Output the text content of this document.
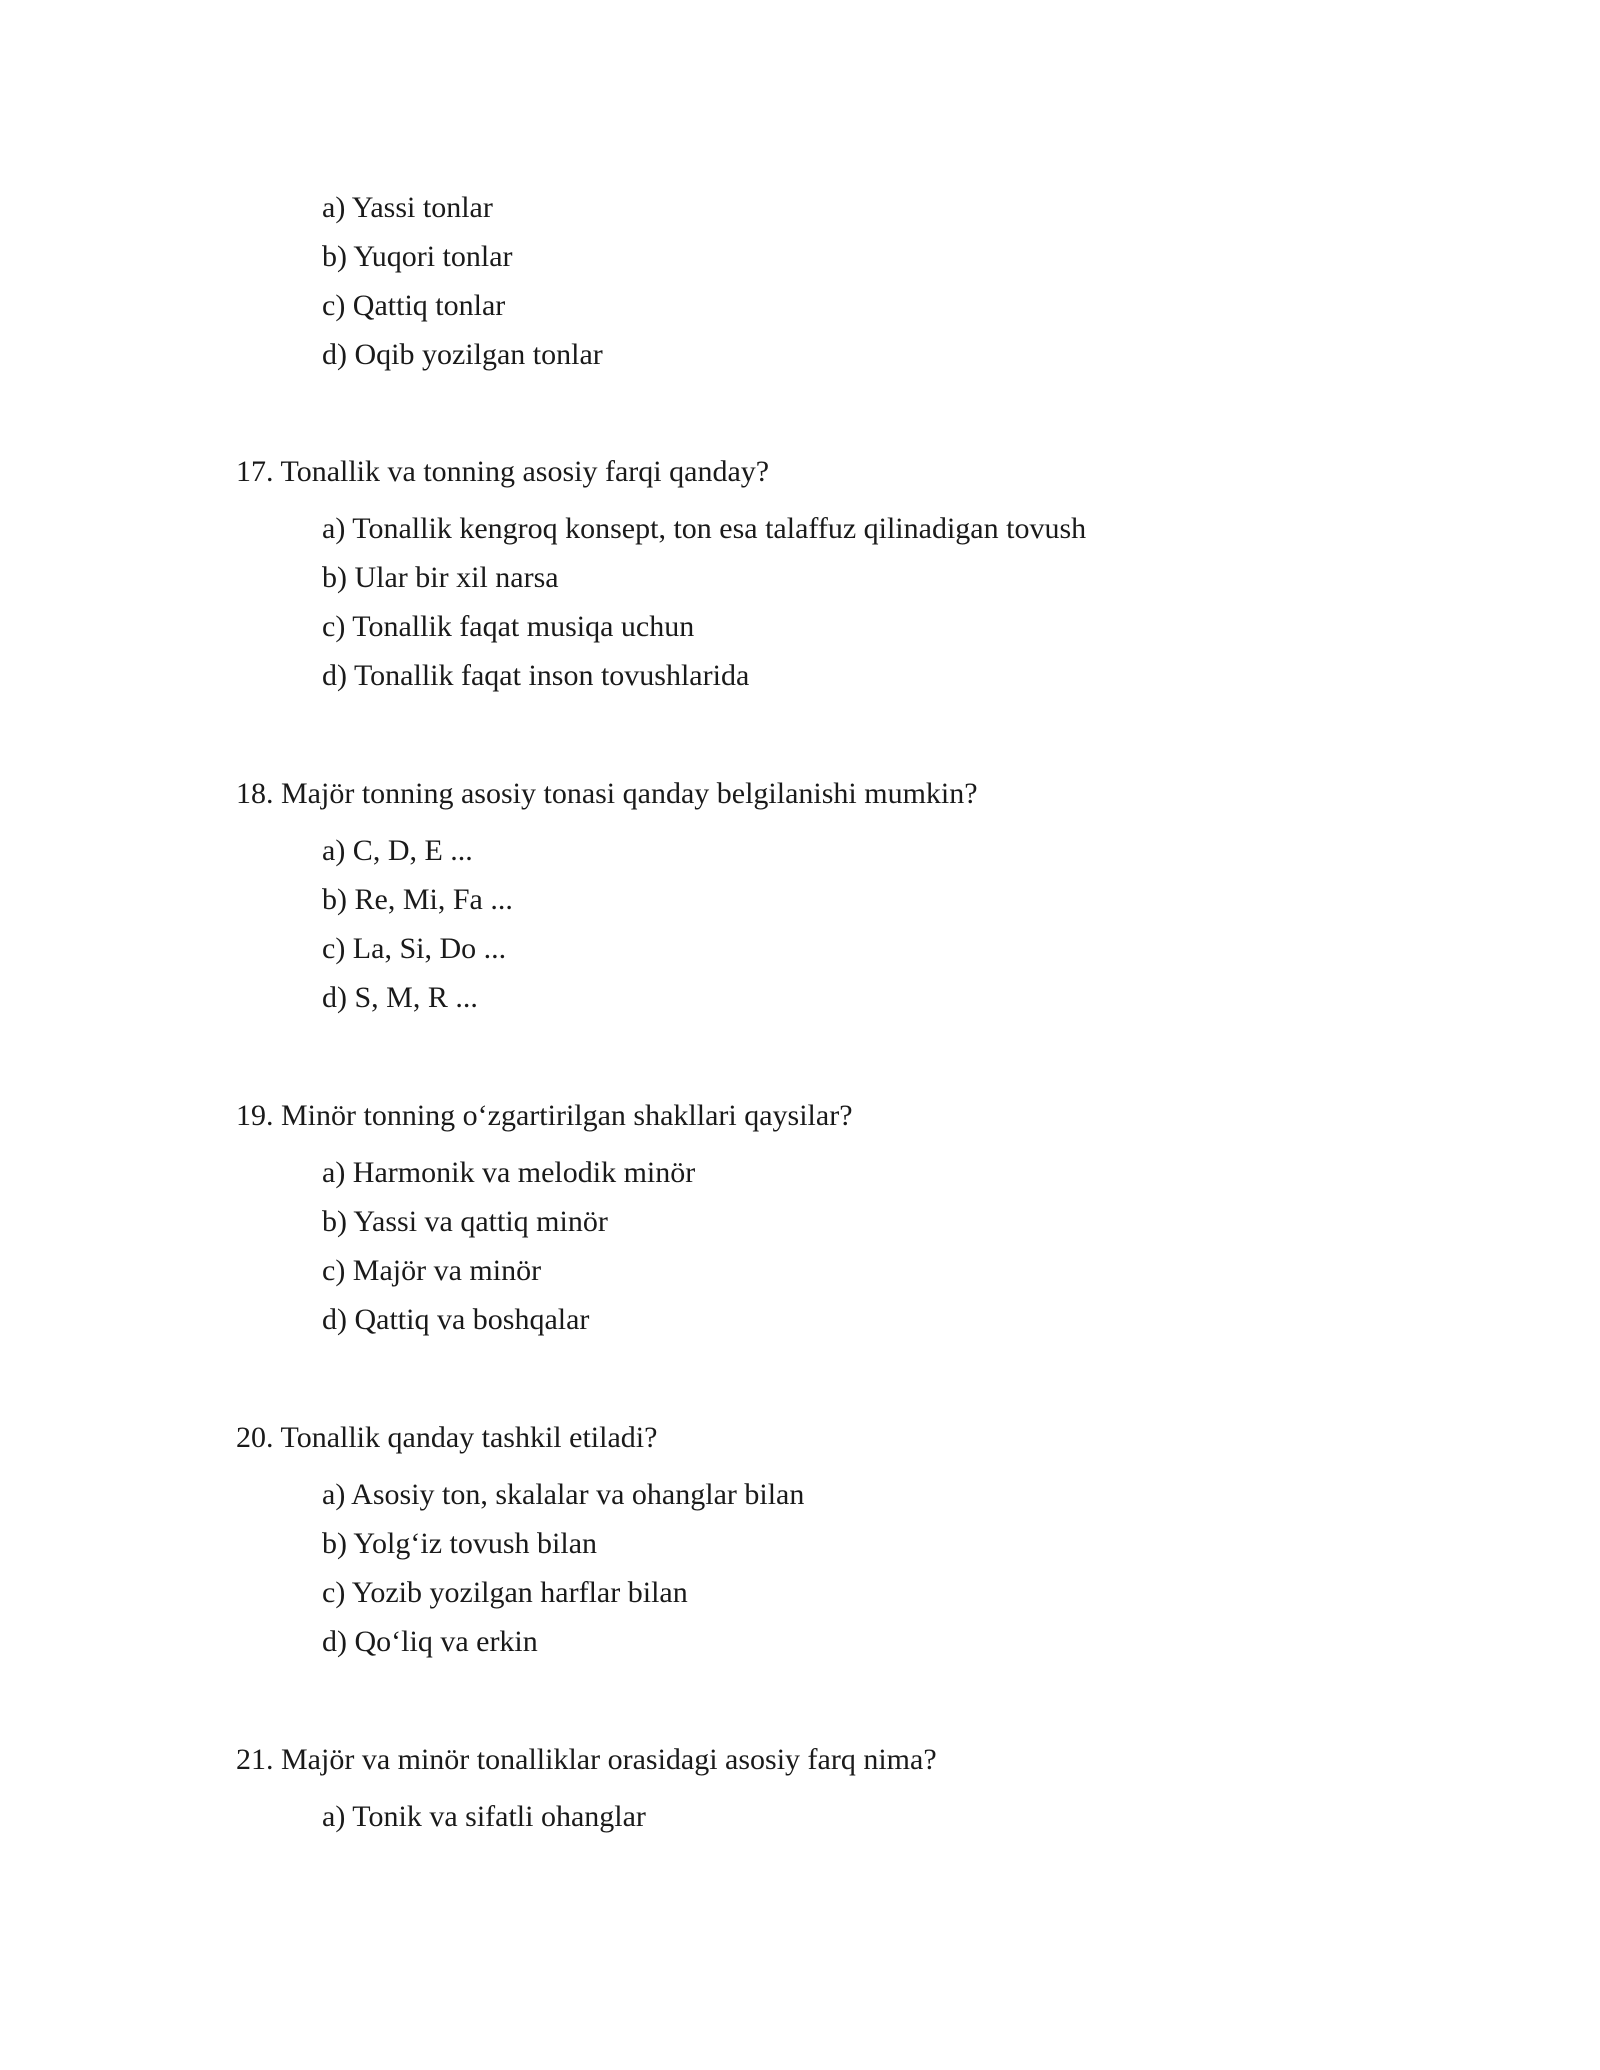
a) Yassi tonlar
b) Yuqori tonlar
c) Qattiq tonlar
d) Oqib yozilgan tonlar
17. Tonallik va tonning asosiy farqi qanday?
a) Tonallik kengroq konsept, ton esa talaffuz qilinadigan tovush
b) Ular bir xil narsa
c) Tonallik faqat musiqa uchun
d) Tonallik faqat inson tovushlarida
18. Majör tonning asosiy tonasi qanday belgilanishi mumkin?
a) C, D, E ...
b) Re, Mi, Fa ...
c) La, Si, Do ...
d) S, M, R ...
19. Minör tonning o‘zgartirilgan shakllari qaysilar?
a) Harmonik va melodik minör
b) Yassi va qattiq minör
c) Majör va minör
d) Qattiq va boshqalar
20. Tonallik qanday tashkil etiladi?
a) Asosiy ton, skalalar va ohanglar bilan
b) Yolg‘iz tovush bilan
c) Yozib yozilgan harflar bilan
d) Qo‘liq va erkin
21. Majör va minör tonalliklar orasidagi asosiy farq nima?
a) Tonik va sifatli ohanglar
